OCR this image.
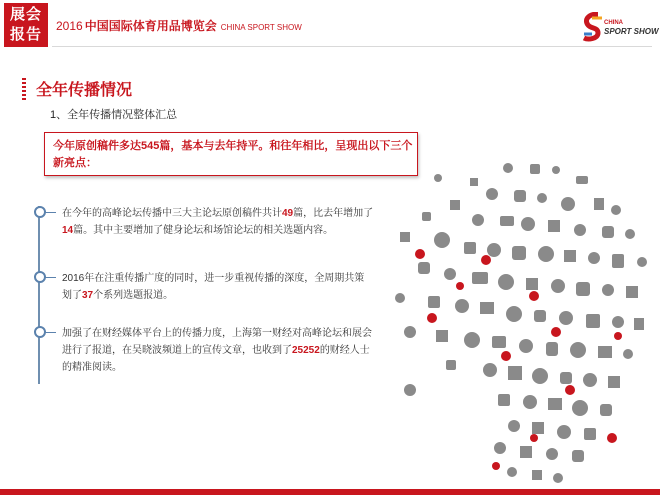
展会
报告 2016 中国国际体育用品博览会 CHINA SPORT SHOW	CHINA
SPORT SHOW
全年传播情况
1、全年传播情况整体汇总
今年原创稿件多达545篇，基本与去年持平。和往年相比，呈现出以下三个新亮点：
在今年的高峰论坛传播中三大主论坛原创稿件共计49篇，比去年增加了14篇。其中主要增加了健身论坛和场馆论坛的相关选题内容。
2016年在注重传播广度的同时，进一步重视传播的深度，全周期共策划了37个系列选题报道。
加强了在财经媒体平台上的传播力度，上海第一财经对高峰论坛和展会进行了报道，在吴晓波频道上的宣传文章，也收到了25252的财经人士的精准阅读。
